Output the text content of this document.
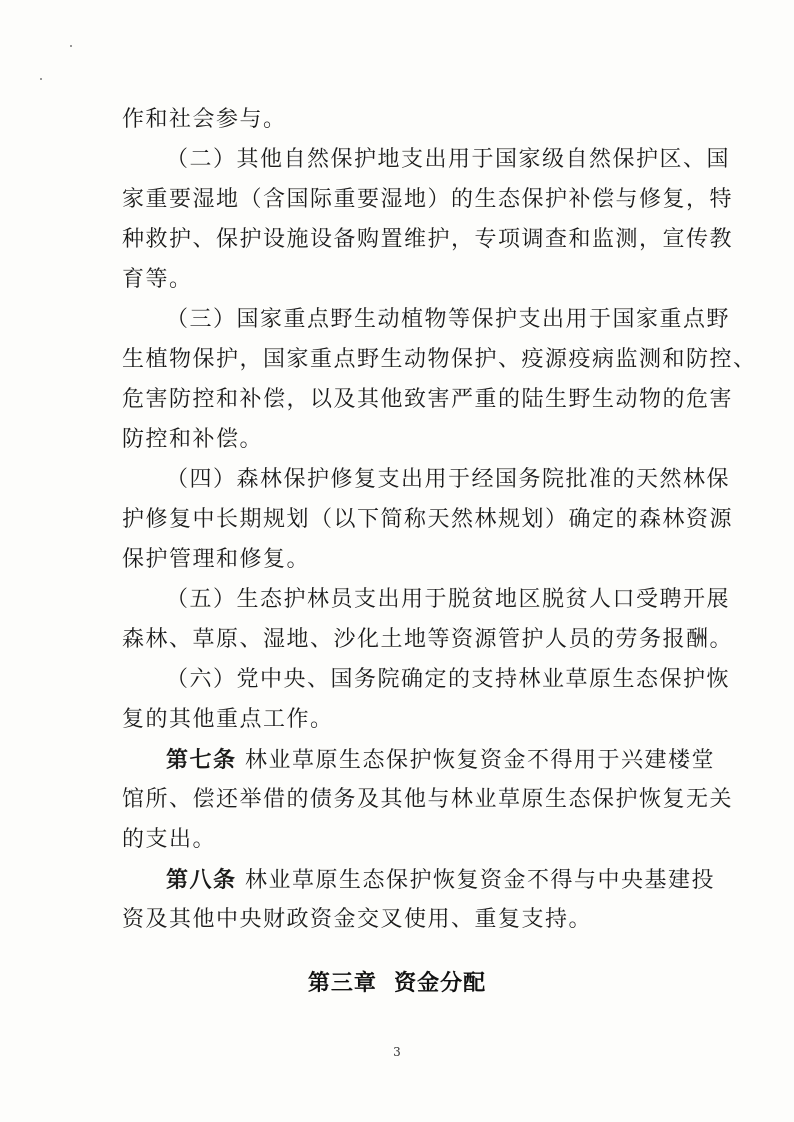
作和社会参与。
（二）其他自然保护地支出用于国家级自然保护区、国
家重要湿地（含国际重要湿地）的生态保护补偿与修复，特
种救护、保护设施设备购置维护，专项调查和监测，宣传教
育等。
（三）国家重点野生动植物等保护支出用于国家重点野
生植物保护，国家重点野生动物保护、疫源疫病监测和防控、
危害防控和补偿，以及其他致害严重的陆生野生动物的危害
防控和补偿。
（四）森林保护修复支出用于经国务院批准的天然林保
护修复中长期规划（以下简称天然林规划）确定的森林资源
保护管理和修复。
（五）生态护林员支出用于脱贫地区脱贫人口受聘开展
森林、草原、湿地、沙化土地等资源管护人员的劳务报酬。
（六）党中央、国务院确定的支持林业草原生态保护恢
复的其他重点工作。
第七条 林业草原生态保护恢复资金不得用于兴建楼堂
馆所、偿还举借的债务及其他与林业草原生态保护恢复无关
的支出。
第八条 林业草原生态保护恢复资金不得与中央基建投
资及其他中央财政资金交叉使用、重复支持。
第三章  资金分配
3
